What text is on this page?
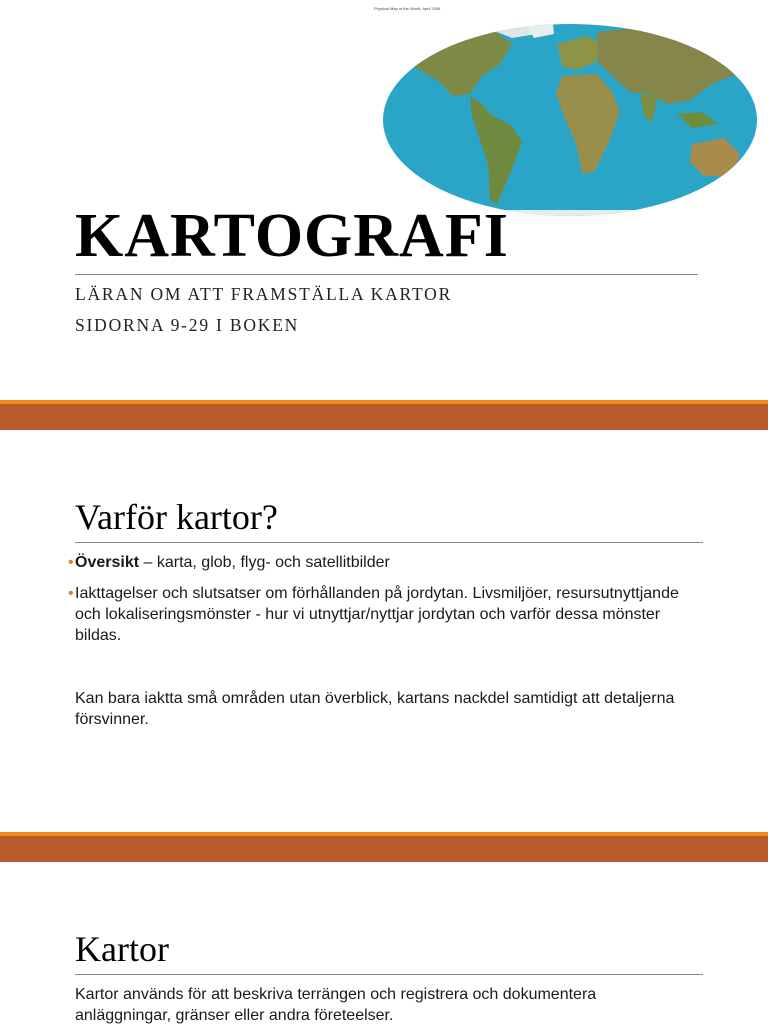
Physical Map of the World, April 2006
KARTOGRAFI

LÄRAN OM ATT FRAMSTÄLLA KARTOR

SIDORNA 9-29 I BOKEN

Varför kartor?
• Översikt – karta, glob, flyg- och satellitbilder
• Iakttagelser och slutsatser om förhållanden på jordytan. Livsmiljöer, resursutnyttjande och lokaliseringsmönster - hur vi utnyttjar/nyttjar jordytan och varför dessa mönster bildas.

Kan bara iaktta små områden utan överblick, kartans nackdel samtidigt att detaljerna försvinner.

Kartor

Kartor används för att beskriva terrängen och registrera och dokumentera anläggningar, gränser eller andra företeelser.
